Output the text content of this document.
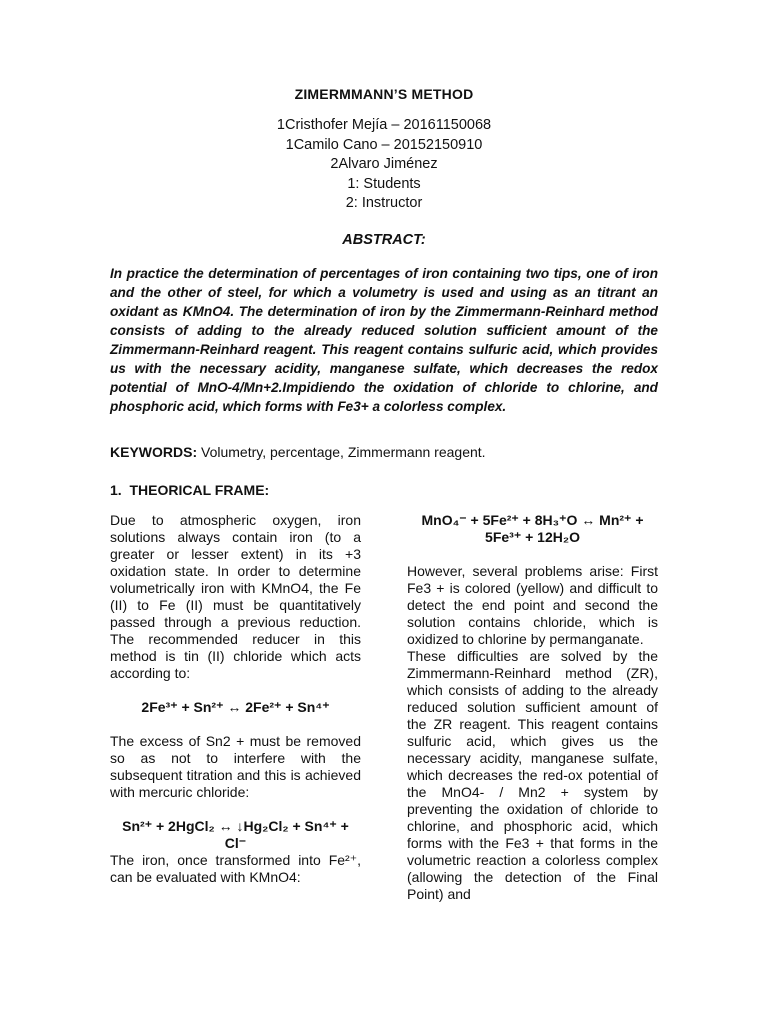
ZIMERMMANN’S METHOD
1Cristhofer Mejía – 20161150068
1Camilo Cano – 20152150910
2Alvaro Jiménez
1: Students
2: Instructor
ABSTRACT:

In practice the determination of percentages of iron containing two tips, one of iron and the other of steel, for which a volumetry is used and using as an titrant an oxidant as KMnO4. The determination of iron by the Zimmermann-Reinhard method consists of adding to the already reduced solution sufficient amount of the Zimmermann-Reinhard reagent. This reagent contains sulfuric acid, which provides us with the necessary acidity, manganese sulfate, which decreases the redox potential of MnO-4/Mn+2.Impidiendo the oxidation of chloride to chlorine, and phosphoric acid, which forms with Fe3+ a colorless complex.

KEYWORDS: Volumetry, percentage, Zimmermann reagent.

1. THEORICAL FRAME:

Due to atmospheric oxygen, iron solutions always contain iron (to a greater or lesser extent) in its +3 oxidation state. In order to determine volumetrically iron with KMnO4, the Fe (II) to Fe (II) must be quantitatively passed through a previous reduction. The recommended reducer in this method is tin (II) chloride which acts according to:

2Fe³⁺ + Sn²⁺ ↔ 2Fe²⁺ + Sn⁴⁺

The excess of Sn2 + must be removed so as not to interfere with the subsequent titration and this is achieved with mercuric chloride:

Sn²⁺ + 2HgCl₂ ↔ ↓Hg₂Cl₂ + Sn⁴⁺ + Cl⁻

The iron, once transformed into Fe²⁺, can be evaluated with KMnO4:

MnO₄⁻ + 5Fe²⁺ + 8H₃⁺O ↔ Mn²⁺ + 5Fe³⁺ + 12H₂O

However, several problems arise: First Fe3 + is colored (yellow) and difficult to detect the end point and second the solution contains chloride, which is oxidized to chlorine by permanganate.

These difficulties are solved by the Zimmermann-Reinhard method (ZR), which consists of adding to the already reduced solution sufficient amount of the ZR reagent. This reagent contains sulfuric acid, which gives us the necessary acidity, manganese sulfate, which decreases the red-ox potential of the MnO4- / Mn2 + system by preventing the oxidation of chloride to chlorine, and phosphoric acid, which forms with the Fe3 + that forms in the volumetric reaction a colorless complex (allowing the detection of the Final Point) and
